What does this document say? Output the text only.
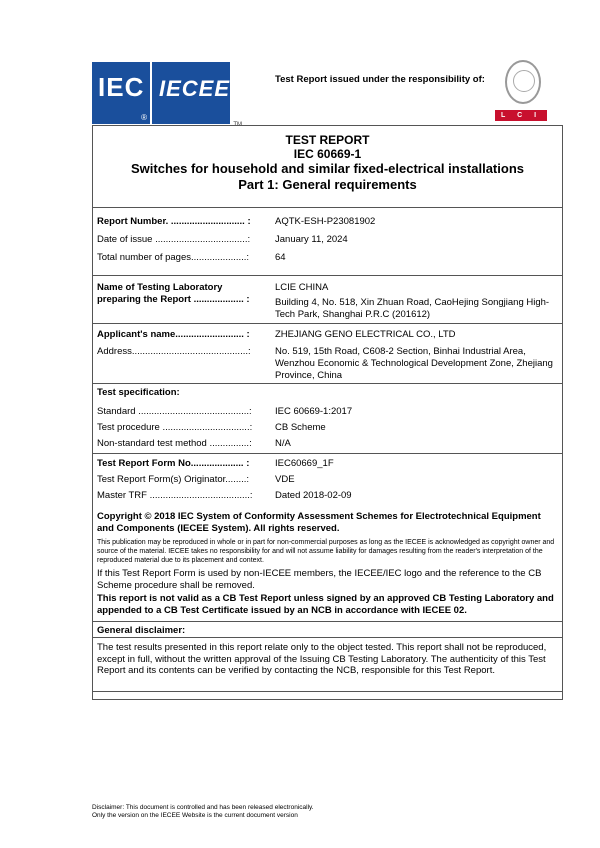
IEC
®
IECEE
TM
Test Report issued under the responsibility of:
L C I E
TEST REPORT
IEC 60669-1
Switches for household and similar fixed-electrical installations
Part 1: General requirements
Report Number. ............................ :	AQTK-ESH-P23081902
Date of issue ...................................:	January 11, 2024
Total number of pages.....................:	64
Name of Testing Laboratory
preparing the Report ................... :
LCIE CHINA

Building 4, No. 518, Xin Zhuan Road, CaoHejing Songjiang High-Tech Park, Shanghai P.R.C (201612)
Applicant's name.......................... :	ZHEJIANG GENO ELECTRICAL CO., LTD
Address............................................:	No. 519, 15th Road, C608-2 Section, Binhai Industrial Area, Wenzhou Economic & Technological Development Zone, Zhejiang Province, China
Test specification:
Standard ..........................................:	IEC 60669-1:2017
Test procedure .................................:	CB Scheme
Non-standard test method ...............:	N/A
Test Report Form No.................... :	IEC60669_1F
Test Report Form(s) Originator........:	VDE
Master TRF ......................................:	Dated 2018-02-09
Copyright © 2018 IEC System of Conformity Assessment Schemes for Electrotechnical Equipment and Components (IECEE System). All rights reserved.
This publication may be reproduced in whole or in part for non-commercial purposes as long as the IECEE is acknowledged as copyright owner and source of the material. IECEE takes no responsibility for and will not assume liability for damages resulting from the reader's interpretation of the reproduced material due to its placement and context.
If this Test Report Form is used by non-IECEE members, the IECEE/IEC logo and the reference to the CB Scheme procedure shall be removed.
This report is not valid as a CB Test Report unless signed by an approved CB Testing Laboratory and appended to a CB Test Certificate issued by an NCB in accordance with IECEE 02.
General disclaimer:
The test results presented in this report relate only to the object tested. This report shall not be reproduced, except in full, without the written approval of the Issuing CB Testing Laboratory. The authenticity of this Test Report and its contents can be verified by contacting the NCB, responsible for this Test Report.
Disclaimer: This document is controlled and has been released electronically.
Only the version on the IECEE Website is the current document version
